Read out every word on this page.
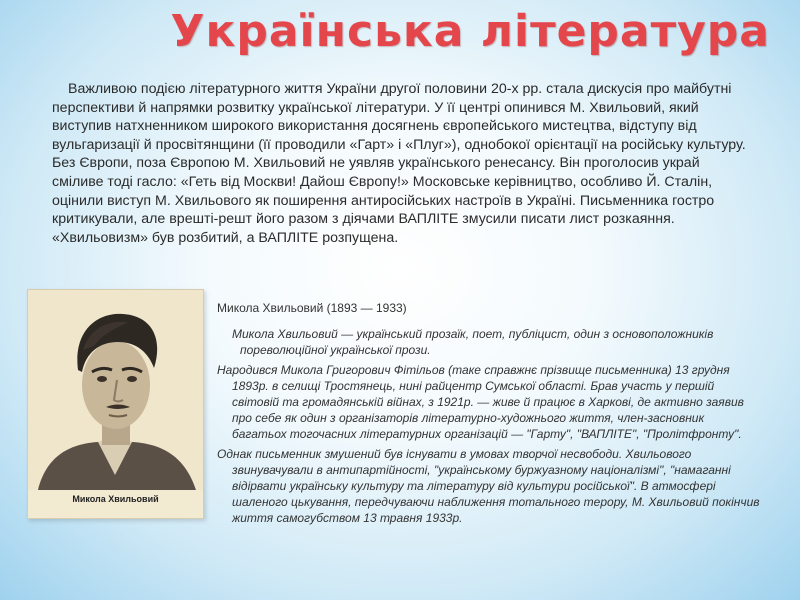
Українська література
Важливою подією літературного життя України другої половини 20-х рр. стала дискусія про майбутні перспективи й напрямки розвитку української літератури. У її центрі опинився М. Хвильовий, який виступив натхненником широкого використання досягнень європейського мистецтва, відступу від вульгаризації й просвітянщини (її проводили «Гарт» і «Плуг»), однобокої орієнтації на російську культуру. Без Європи, поза Європою М. Хвильовий не уявляв українського ренесансу. Він проголосив украй сміливе тоді гасло: «Геть від Москви! Дайош Європу!» Московське керівництво, особливо Й. Сталін, оцінили виступ М. Хвильового як поширення антиросійських настроїв в Україні. Письменника гостро критикували, але врешті-решт його разом з діячами ВАПЛІТЕ змусили писати лист розкаяння. «Хвильовизм» був розбитий, а ВАПЛІТЕ розпущена.
Микола Хвильовий
Микола Хвильовий (1893 — 1933)

Микола Хвильовий — український прозаїк, поет, публіцист, один з основоположників пореволюційної української прози.

Народився Микола Григорович Фітільов (таке справжнє прізвище письменника) 13 грудня 1893р. в селищі Тростянець, нині райцентр Сумської області. Брав участь у першій світовій та громадянській війнах, з 1921р. — живе й працює в Харкові, де активно заявив про себе як один з організаторів літературно-художнього життя, член-засновник багатьох тогочасних літературних організацій — "Гарту", "ВАПЛІТЕ", "Пролітфронту".

Однак письменник змушений був існувати в умовах творчої несвободи. Хвильового звинувачували в антипартійності, "українському буржуазному націоналізмі", "намаганні відірвати українську культуру та літературу від культури російської". В атмосфері шаленого цькування, передчуваючи наближення тотального терору, М. Хвильовий покінчив життя самогубством 13 травня 1933р.
